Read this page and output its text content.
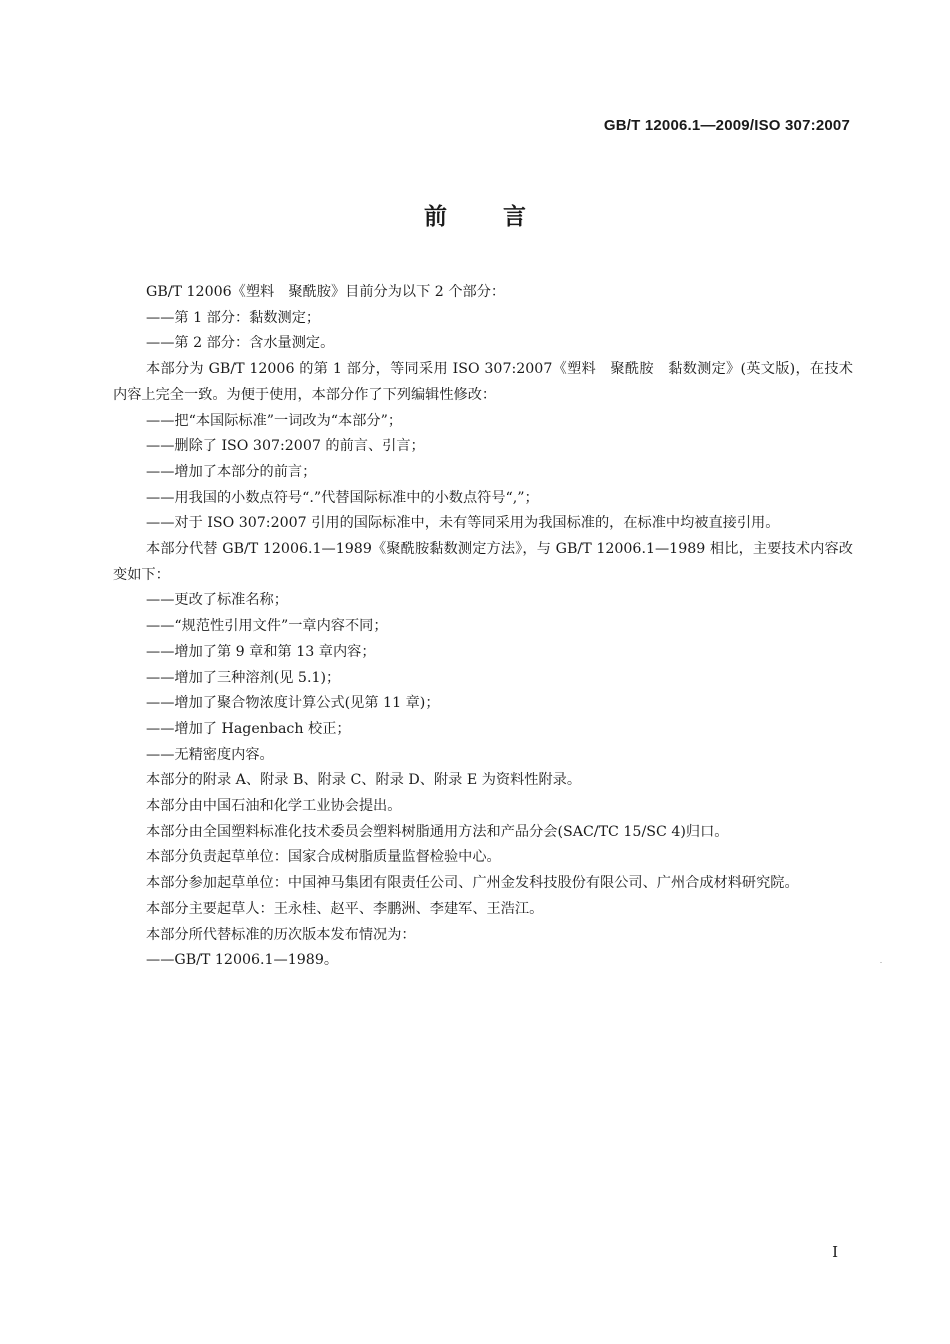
GB/T 12006.1—2009/ISO 307:2007
前言

GB/T 12006《塑料　聚酰胺》目前分为以下 2 个部分：

——第 1 部分：黏数测定；

——第 2 部分：含水量测定。

本部分为 GB/T 12006 的第 1 部分，等同采用 ISO 307:2007《塑料　聚酰胺　黏数测定》(英文版)，在技术内容上完全一致。为便于使用，本部分作了下列编辑性修改：

——把“本国际标准”一词改为“本部分”；

——删除了 ISO 307:2007 的前言、引言；

——增加了本部分的前言；

——用我国的小数点符号“.”代替国际标准中的小数点符号“,”；

——对于 ISO 307:2007 引用的国际标准中，未有等同采用为我国标准的，在标准中均被直接引用。

本部分代替 GB/T 12006.1—1989《聚酰胺黏数测定方法》，与 GB/T 12006.1—1989 相比，主要技术内容改变如下：

——更改了标准名称；

——“规范性引用文件”一章内容不同；

——增加了第 9 章和第 13 章内容；

——增加了三种溶剂(见 5.1)；

——增加了聚合物浓度计算公式(见第 11 章)；

——增加了 Hagenbach 校正；

——无精密度内容。

本部分的附录 A、附录 B、附录 C、附录 D、附录 E 为资料性附录。

本部分由中国石油和化学工业协会提出。

本部分由全国塑料标准化技术委员会塑料树脂通用方法和产品分会(SAC/TC 15/SC 4)归口。

本部分负责起草单位：国家合成树脂质量监督检验中心。

本部分参加起草单位：中国神马集团有限责任公司、广州金发科技股份有限公司、广州合成材料研究院。

本部分主要起草人：王永桂、赵平、李鹏洲、李建军、王浩江。

本部分所代替标准的历次版本发布情况为：

——GB/T 12006.1—1989。

I
